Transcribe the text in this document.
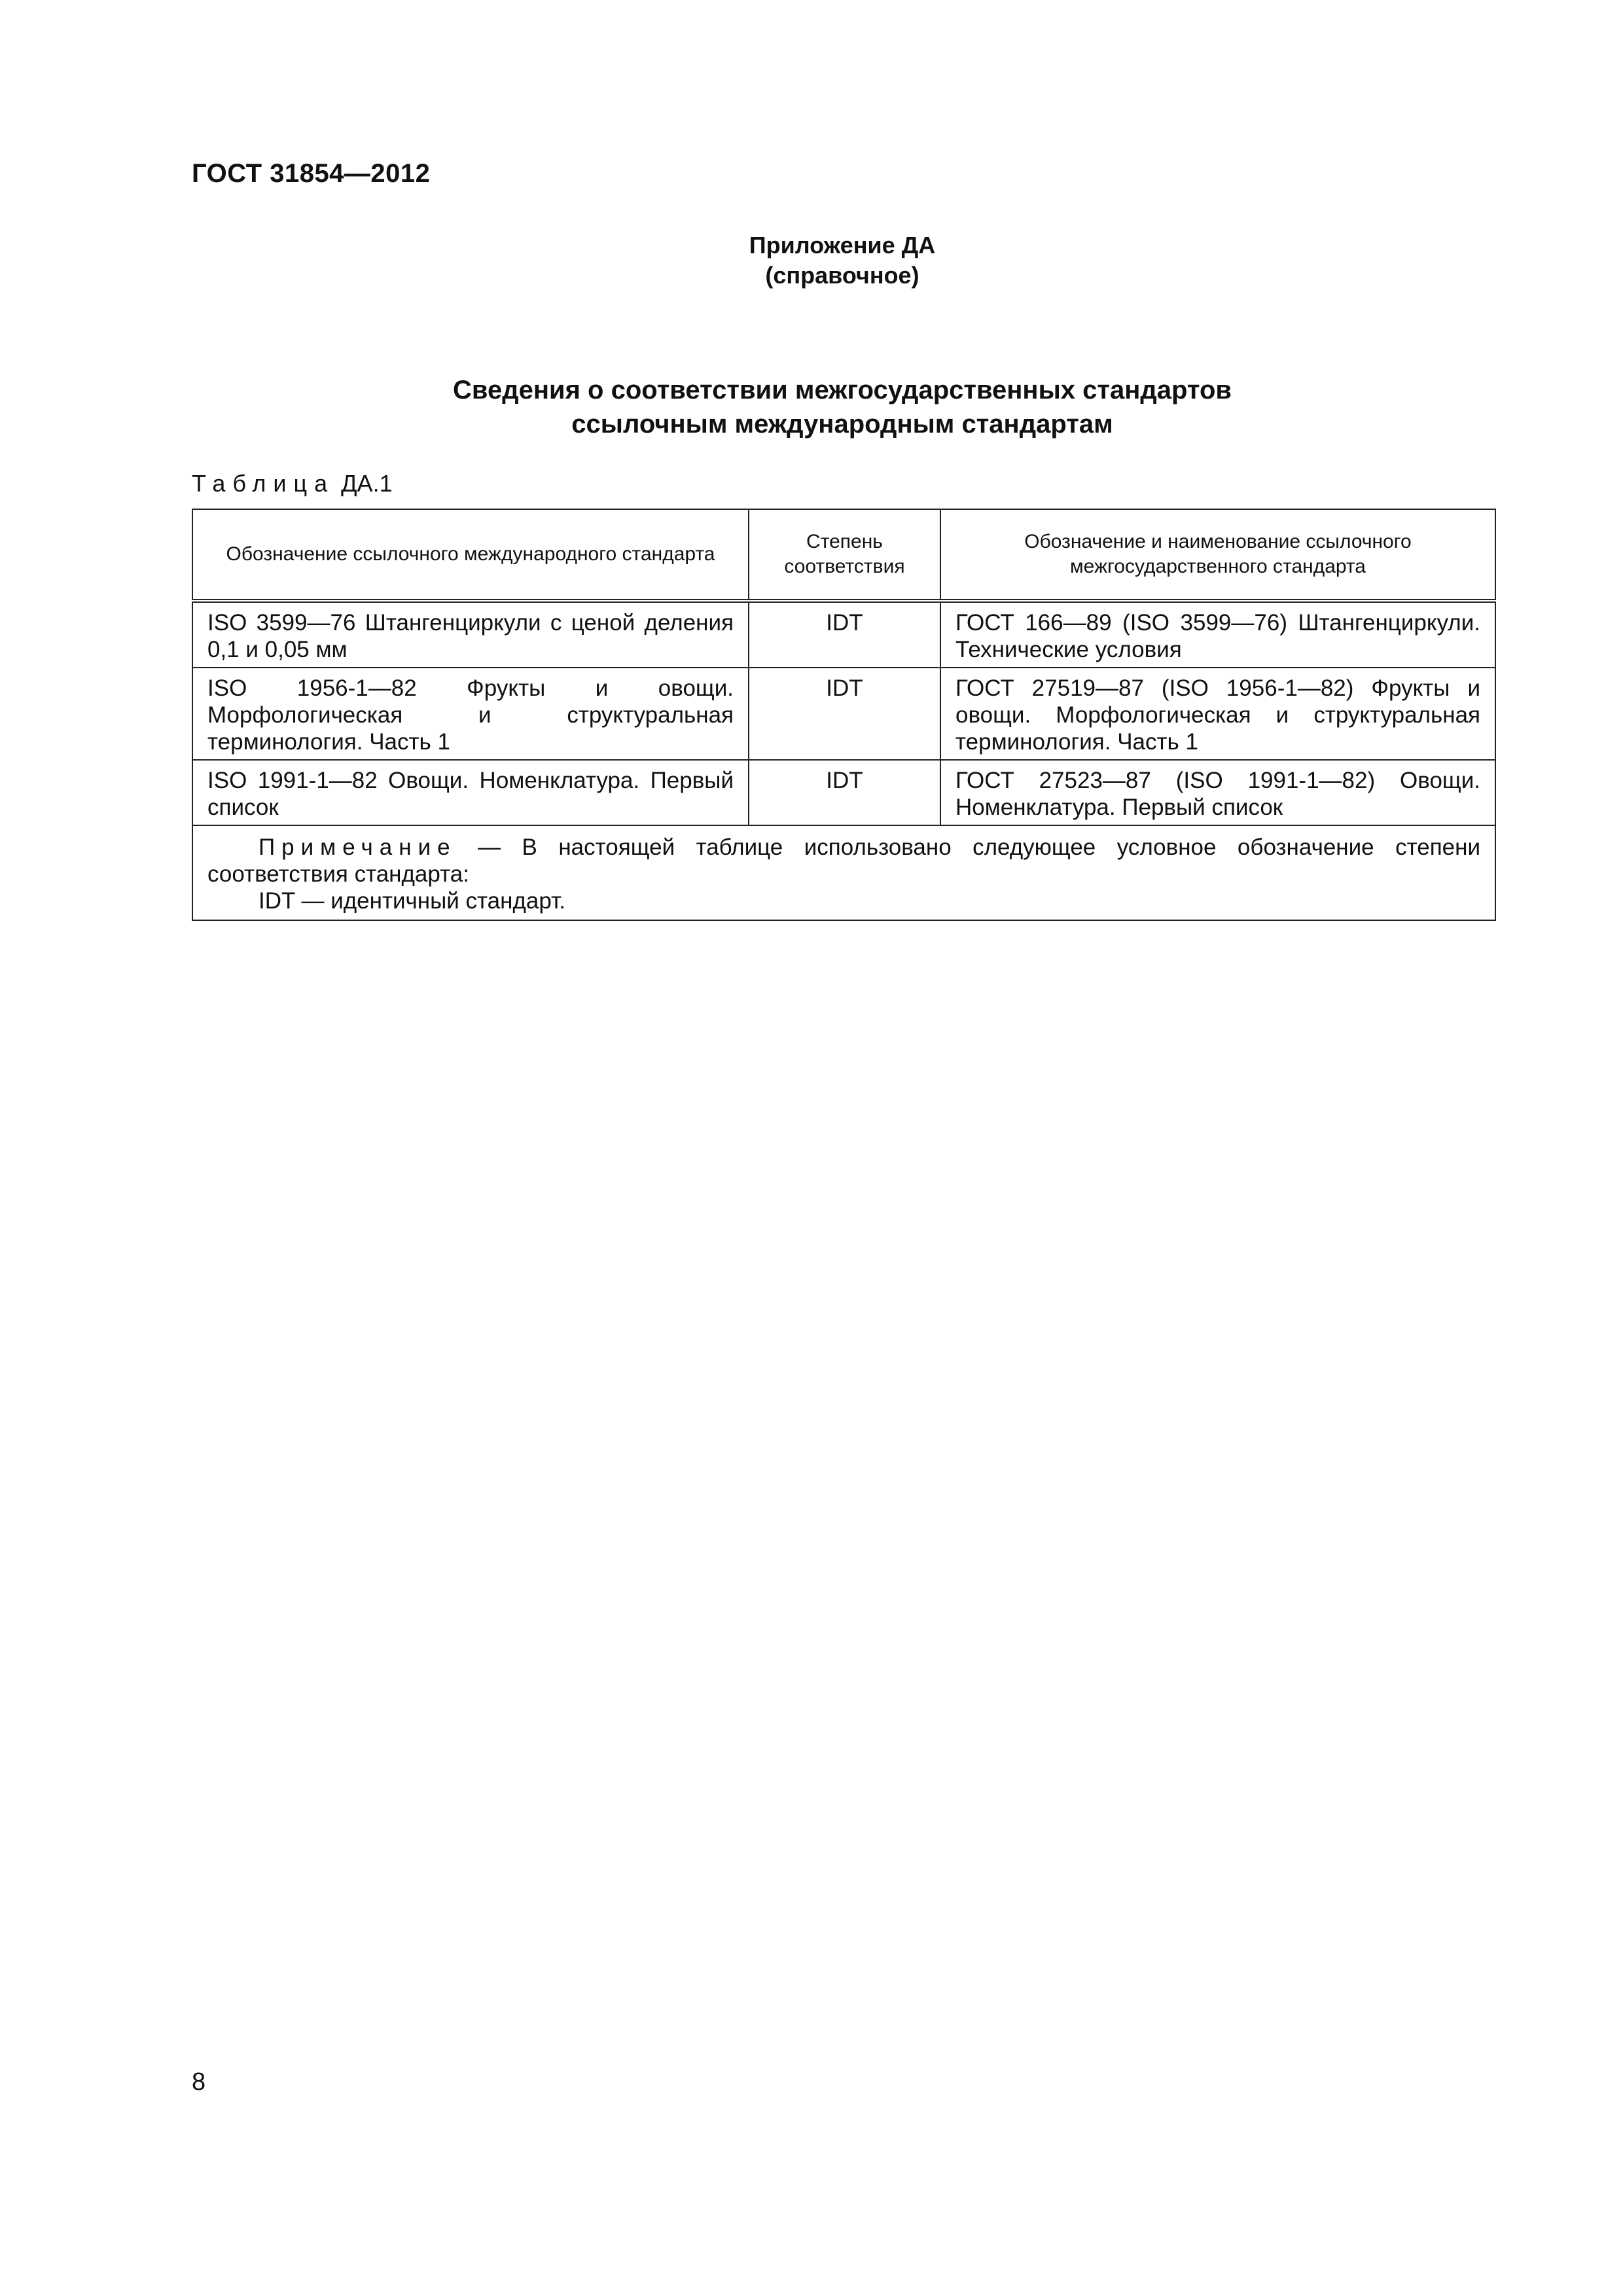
ГОСТ 31854—2012
Приложение ДА
(справочное)
Сведения о соответствии межгосударственных стандартов
ссылочным международным стандартам
Таблица ДА.1
Обозначение ссылочного международного стандарта	Степень соответствия	Обозначение и наименование ссылочного межгосударственного стандарта
ISO 3599—76 Штангенциркули с ценой деления 0,1 и 0,05 мм	IDT	ГОСТ 166—89 (ISO 3599—76) Штангенциркули. Технические условия
ISO 1956-1—82 Фрукты и овощи. Морфологическая и структуральная терминология. Часть 1	IDT	ГОСТ 27519—87 (ISO 1956-1—82) Фрукты и овощи. Морфологическая и структуральная терминология. Часть 1
ISO 1991-1—82 Овощи. Номенклатура. Первый список	IDT	ГОСТ 27523—87 (ISO 1991-1—82) Овощи. Номенклатура. Первый список
Примечание — В настоящей таблице использовано следующее условное обозначение степени соответствия стандарта:
IDT — идентичный стандарт.		
8
